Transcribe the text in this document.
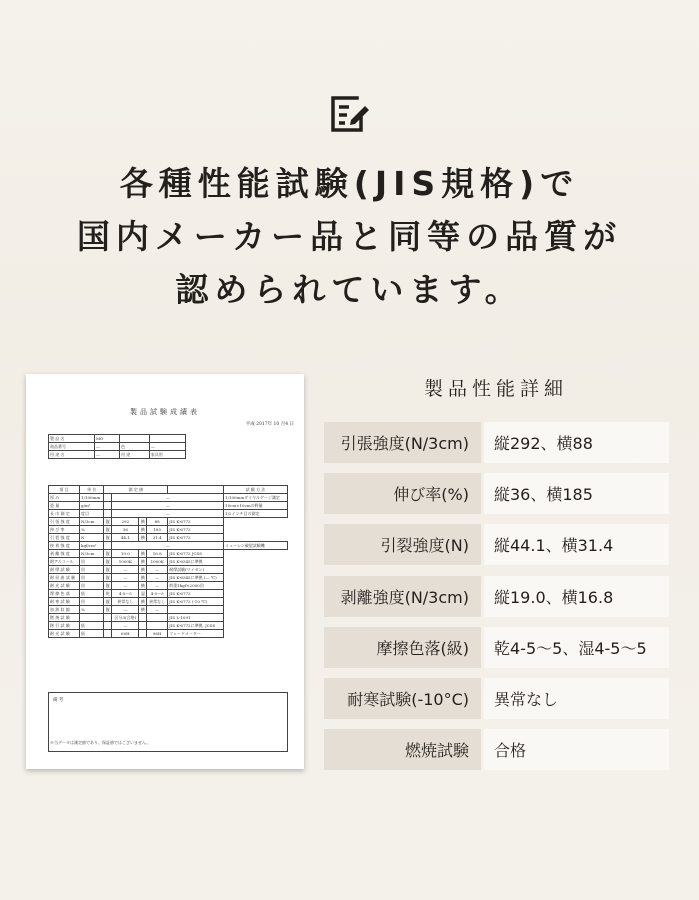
各種性能試験(JIS規格)で
国内メーカー品と同等の品質が
認められています。
製品試験成績表
平成 2017年 10 月4 日
製 品 名	MO		
商品番号	—	色	—
用 途 名	—	用 途	家具用
項 目	単 位	測 定 値					試 験 方 法
厚 み	1/100mm		—				1/100mmダイヤルゲージ測定
重 量	g/m²		—				10cm×10cmの秤量
長 巾 測 定	度目		—				1/2インチ目の測定
引 張 強 度	N/3cm	縦	292	横	88	JIS K-6772	
伸 び 率	%	縦	36	横	185	JIS K-6772	
引 裂 強 度	N	縦	44.1	横	31.4	JIS K-6772	
接 着 強 度	kgf/cm²		—				ミューレン破裂試験機
剥 離 強 度	N/3cm	縦	19.0	横	16.8	JIS K-6772 JCSS	
耐アルコール	回	縦	1000K	横	1000K	JIS K-6545に準拠	
耐 摩 試 験	回	縦	—	横	—	耐摩試験(ワイゼン)	
耐 屈 曲 試 験	回	縦	—	横	—	JIS K-6545に準拠 (— ℃)	
耐 光 試 験	回	縦	—	横	—	荷重1kgf×2000回	
摩 擦 色 落	級	乾	4-5～5	湿	4-5～5	JIS K-6772	
耐 寒 試 験	回	縦	異常なし	横	異常なし	JIS K-6772 (-10 ℃)	
加 熱 収 縮	%	縦	—	横	—		
燃 焼 試 験			区分3(合格)			JIS L-1091	
移 行 試 験	級		—			JIS K-6772に準拠, JCSS	
耐 光 試 験	級		60H		96H	フェードメーター	
備 考
※当データは測定値であり、保証値ではございません。
製品性能詳細
引張強度(N/3cm)	縦292、横88
伸び率(%)	縦36、横185
引裂強度(N)	縦44.1、横31.4
剥離強度(N/3cm)	縦19.0、横16.8
摩擦色落(級)	乾4-5～5、湿4-5～5
耐寒試験(-10°C)	異常なし
燃焼試験	合格
